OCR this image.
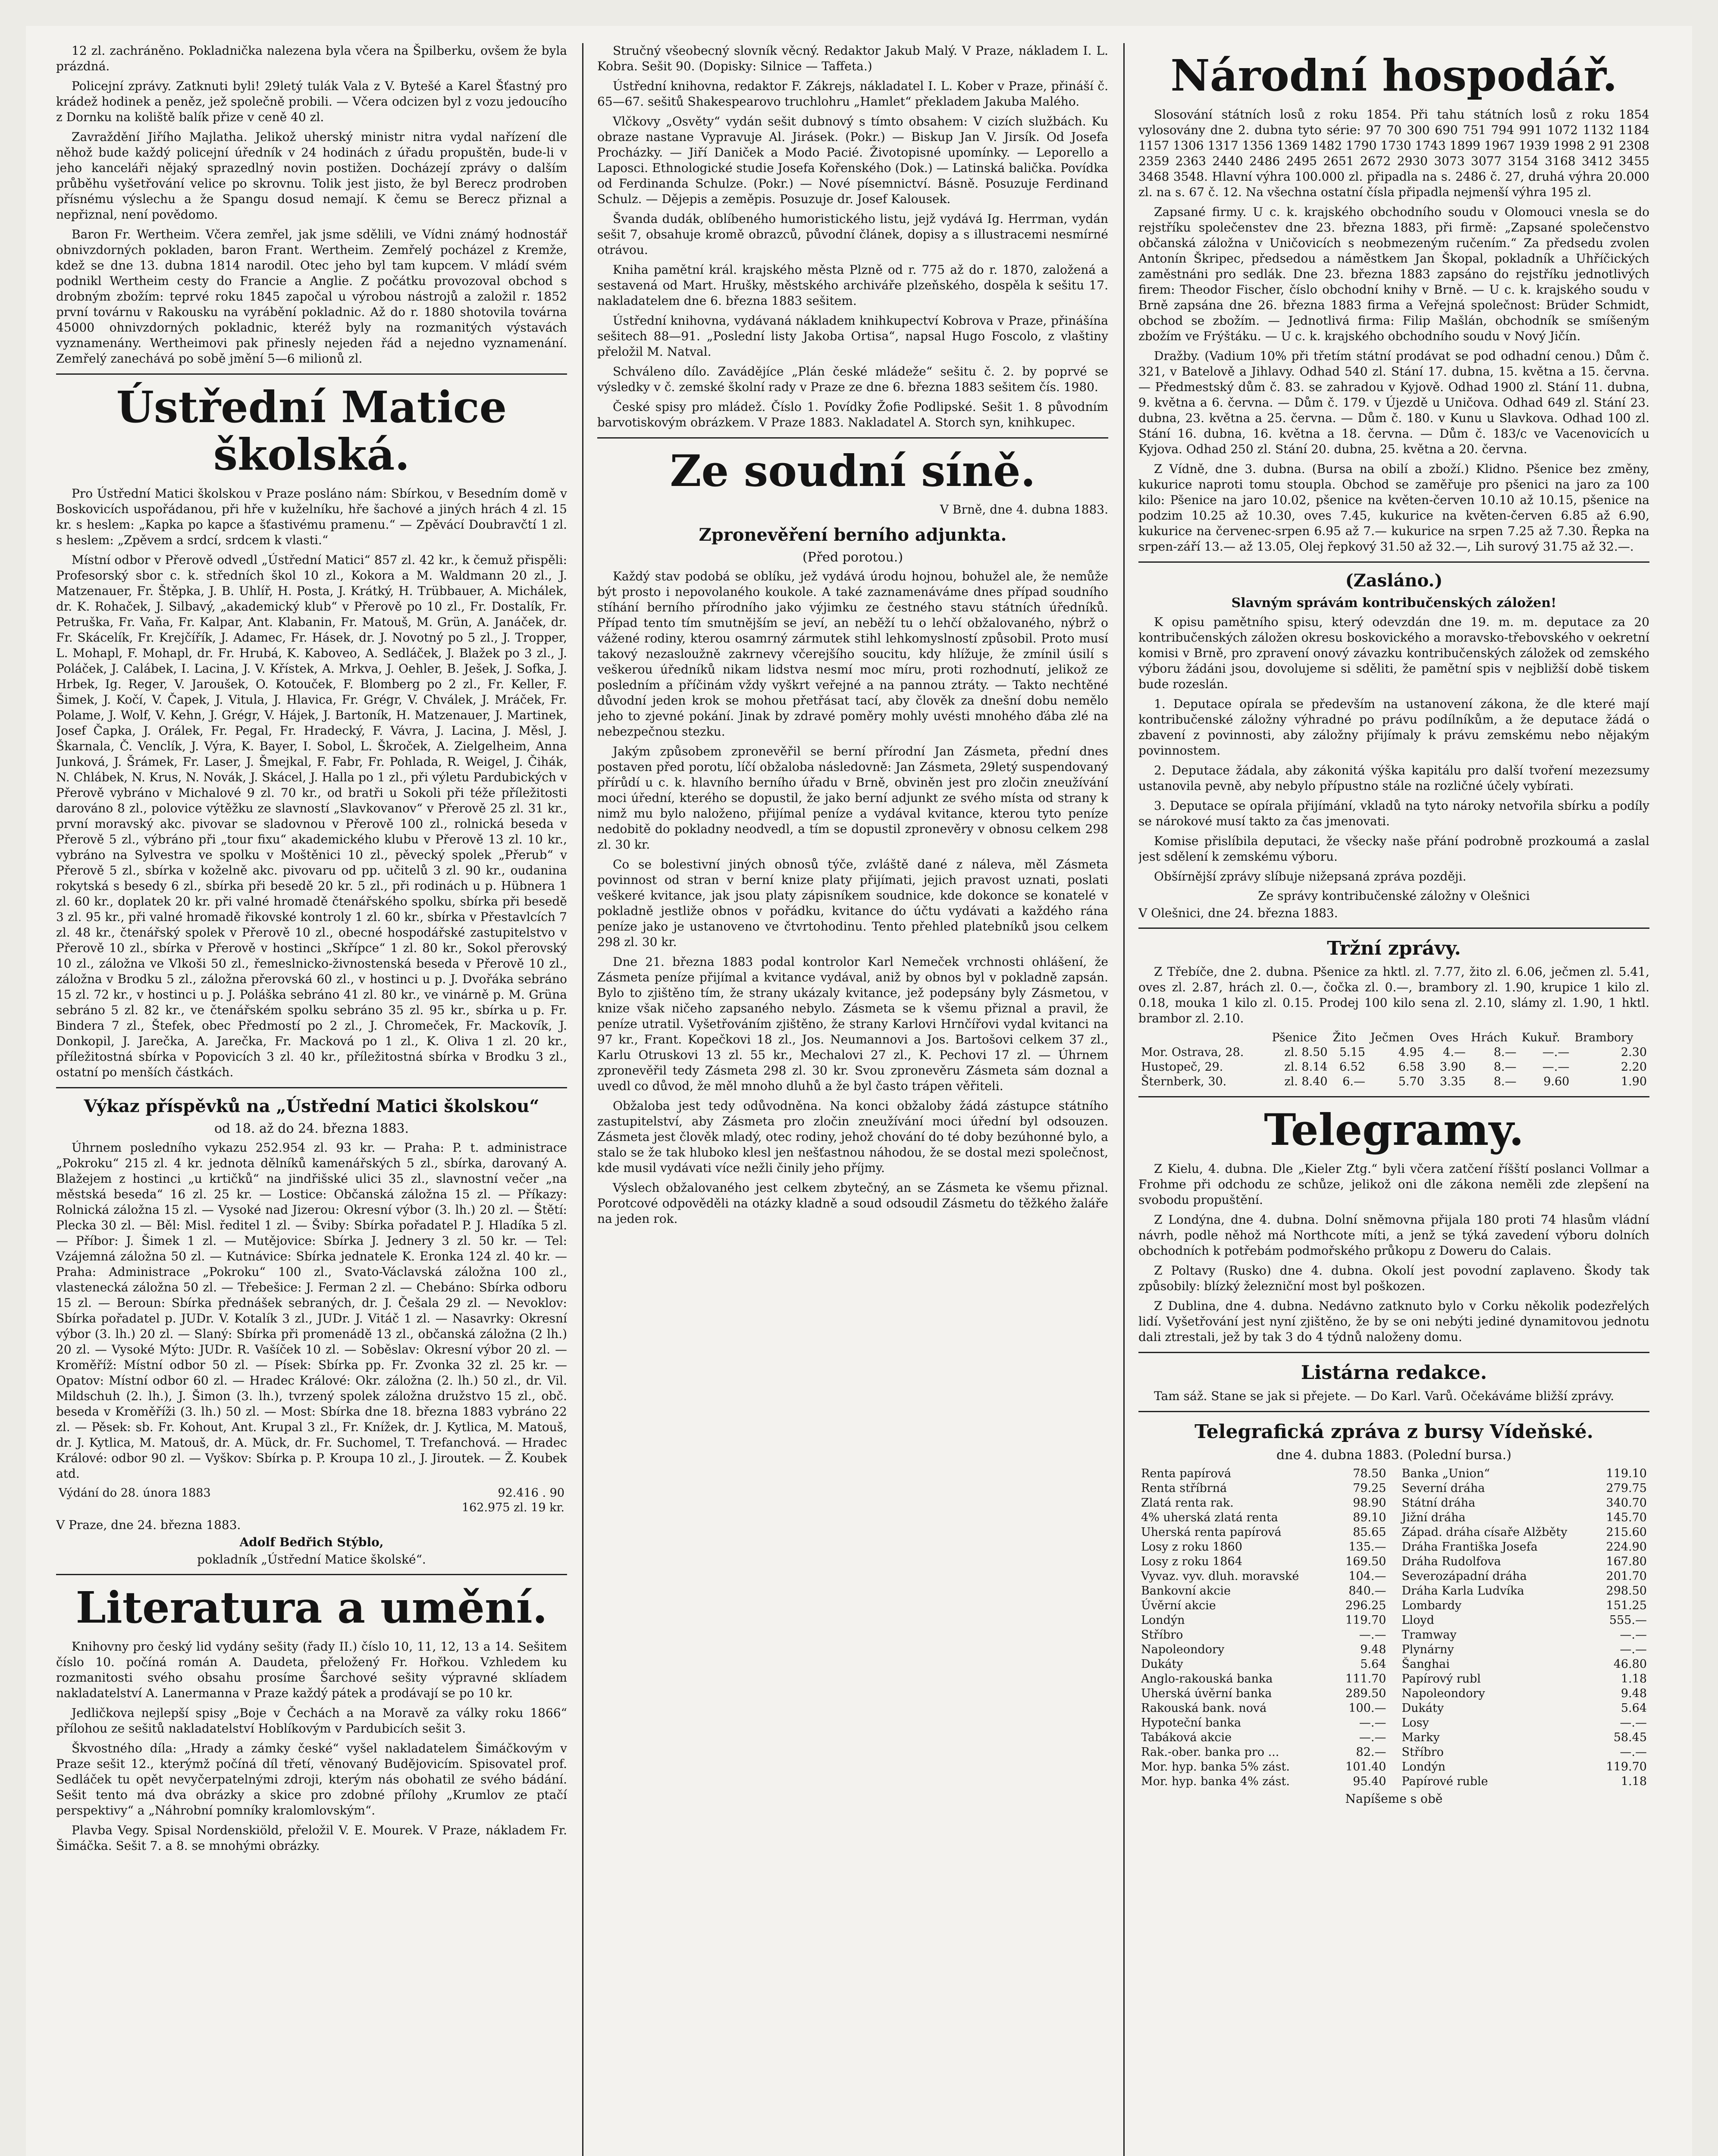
12 zl. zachráněno. Pokladnička nalezena byla včera na Špilberku, ovšem že byla prázdná.

Policejní zprávy. Zatknuti byli! 29letý tulák Vala z V. Bytešé a Karel Šťastný pro krádež hodinek a peněz, jež společně probili. — Včera odcizen byl z vozu jedoucího z Dornku na koliště balík přize v ceně 40 zl.

Zavraždění Jiřího Majlatha. Jelikož uherský ministr nitra vydal nařízení dle něhož bude každý policejní úředník v 24 hodinách z úřadu propuštěn, bude-li v jeho kanceláři nějaký sprazedlný novin postižen. Docházejí zprávy o dalším průběhu vyšetřování velice po skrovnu. Tolik jest jisto, že byl Berecz prodroben přísnému výslechu a že Spangu dosud nemají. K čemu se Berecz přiznal a nepřiznal, není povědomo.

Baron Fr. Wertheim. Včera zemřel, jak jsme sdělili, ve Vídni známý hodnostář obnivzdorných pokladen, baron Frant. Wertheim. Zemřelý pocházel z Kremže, kdež se dne 13. dubna 1814 narodil. Otec jeho byl tam kupcem. V mládí svém podnikl Wertheim cesty do Francie a Anglie. Z počátku provozoval obchod s drobným zbožím: teprvé roku 1845 započal u výrobou nástrojů a založil r. 1852 první továrnu v Rakousku na vyrábění pokladnic. Až do r. 1880 shotovila továrna 45000 ohnivzdorných pokladnic, kteréž byly na rozmanitých výstavách vyznamenány. Wertheimovi pak přinesly nejeden řád a nejedno vyznamenání. Zemřelý zanechává po sobě jmění 5—6 milionů zl.

Ústřední Matice školská.

Pro Ústřední Matici školskou v Praze posláno nám: Sbírkou, v Besedním domě v Boskovicích uspořádanou, při hře v kuželníku, hře šachové a jiných hrách 4 zl. 15 kr. s heslem: „Kapka po kapce a šťastivému pramenu.“ — Zpěvácí Doubravčtí 1 zl. s heslem: „Zpěvem a srdcí, srdcem k vlasti.“

Místní odbor v Přerově odvedl „Ústřední Matici“ 857 zl. 42 kr., k čemuž přispěli: Profesorský sbor c. k. středních škol 10 zl., Kokora a M. Waldmann 20 zl., J. Matzenauer, Fr. Štěpka, J. B. Uhlíř, H. Posta, J. Krátký, H. Trübbauer, A. Michálek, dr. K. Rohaček, J. Silbavý, „akademický klub“ v Přerově po 10 zl., Fr. Dostalík, Fr. Petruška, Fr. Vaňa, Fr. Kalpar, Ant. Klabanin, Fr. Matouš, M. Grün, A. Janáček, dr. Fr. Skácelík, Fr. Krejčířík, J. Adamec, Fr. Hásek, dr. J. Novotný po 5 zl., J. Tropper, L. Mohapl, F. Mohapl, dr. Fr. Hrubá, K. Kaboveo, A. Sedláček, J. Blažek po 3 zl., J. Poláček, J. Calábek, I. Lacina, J. V. Křístek, A. Mrkva, J. Oehler, B. Ješek, J. Sofka, J. Hrbek, Ig. Reger, V. Jaroušek, O. Kotouček, F. Blomberg po 2 zl., Fr. Keller, F. Šimek, J. Kočí, V. Čapek, J. Vitula, J. Hlavica, Fr. Grégr, V. Chválek, J. Mráček, Fr. Polame, J. Wolf, V. Kehn, J. Grégr, V. Hájek, J. Bartoník, H. Matzenauer, J. Martinek, Josef Čapka, J. Orálek, Fr. Pegal, Fr. Hradecký, F. Vávra, J. Lacina, J. Měsl, J. Škarnala, Č. Venclík, J. Výra, K. Bayer, I. Sobol, L. Škroček, A. Zielgelheim, Anna Junková, J. Šrámek, Fr. Laser, J. Šmejkal, F. Fabr, Fr. Pohlada, R. Weigel, J. Čihák, N. Chlábek, N. Krus, N. Novák, J. Skácel, J. Halla po 1 zl., při výletu Pardubických v Přerově vybráno v Michalové 9 zl. 70 kr., od bratři u Sokoli při téže příležitosti darováno 8 zl., polovice výtěžku ze slavností „Slavkovanov“ v Přerově 25 zl. 31 kr., první moravský akc. pivovar se sladovnou v Přerově 100 zl., rolnická beseda v Přerově 5 zl., výbráno při „tour fixu“ akademického klubu v Přerově 13 zl. 10 kr., vybráno na Sylvestra ve spolku v Moštěnici 10 zl., pěvecký spolek „Přerub“ v Přerově 5 zl., sbírka v koželně akc. pivovaru od pp. učitelů 3 zl. 90 kr., oudanina rokytská s besedy 6 zl., sbírka při besedě 20 kr. 5 zl., při rodinách u p. Hübnera 1 zl. 60 kr., doplatek 20 kr. při valné hromadě čtenářského spolku, sbírka při besedě 3 zl. 95 kr., při valné hromadě řikovské kontroly 1 zl. 60 kr., sbírka v Přestavlcích 7 zl. 48 kr., čtenářský spolek v Přerově 10 zl., obecné hospodářské zastupitelstvo v Přerově 10 zl., sbírka v Přerově v hostinci „Skřípce“ 1 zl. 80 kr., Sokol přerovský 10 zl., záložna ve Vlkoši 50 zl., řemeslnicko-živnostenská beseda v Přerově 10 zl., záložna v Brodku 5 zl., záložna přerovská 60 zl., v hostinci u p. J. Dvořáka sebráno 15 zl. 72 kr., v hostinci u p. J. Poláška sebráno 41 zl. 80 kr., ve vinárně p. M. Grüna sebráno 5 zl. 82 kr., ve čtenářském spolku sebráno 35 zl. 95 kr., sbírka u p. Fr. Bindera 7 zl., Štefek, obec Předmostí po 2 zl., J. Chromeček, Fr. Mackovík, J. Donkopil, J. Jarečka, A. Jarečka, Fr. Macková po 1 zl., K. Oliva 1 zl. 20 kr., příležitostná sbírka v Popovicích 3 zl. 40 kr., příležitostná sbírka v Brodku 3 zl., ostatní po menších částkách.

Výkaz příspěvků na „Ústřední Matici školskou“
od 18. až do 24. března 1883.

Úhrnem posledního vykazu 252.954 zl. 93 kr. — Praha: P. t. administrace „Pokroku“ 215 zl. 4 kr. jednota dělníků kamenářských 5 zl., sbírka, darovaný A. Blažejem z hostinci „u krtičků“ na jindřišské ulici 35 zl., slavnostní večer „na městská beseda“ 16 zl. 25 kr. — Lostice: Občanská záložna 15 zl. — Příkazy: Rolnická záložna 15 zl. — Vysoké nad Jizerou: Okresní výbor (3. lh.) 20 zl. — Štětí: Plecka 30 zl. — Běl: Misl. ředitel 1 zl. — Šviby: Sbírka pořadatel P. J. Hladíka 5 zl. — Příbor: J. Šimek 1 zl. — Mutějovice: Sbírka J. Jednery 3 zl. 50 kr. — Tel: Vzájemná záložna 50 zl. — Kutnávice: Sbírka jednatele K. Eronka 124 zl. 40 kr. — Praha: Administrace „Pokroku“ 100 zl., Svato-Václavská záložna 100 zl., vlastenecká záložna 50 zl. — Třebešice: J. Ferman 2 zl. — Chebáno: Sbírka odboru 15 zl. — Beroun: Sbírka přednášek sebraných, dr. J. Češala 29 zl. — Nevoklov: Sbírka pořadatel p. JUDr. V. Kotalík 3 zl., JUDr. J. Vitáč 1 zl. — Nasavrky: Okresní výbor (3. lh.) 20 zl. — Slaný: Sbírka při promenádě 13 zl., občanská záložna (2 lh.) 20 zl. — Vysoké Mýto: JUDr. R. Vašíček 10 zl. — Soběslav: Okresní výbor 20 zl. — Kroměříž: Místní odbor 50 zl. — Písek: Sbírka pp. Fr. Zvonka 32 zl. 25 kr. — Opatov: Místní odbor 60 zl. — Hradec Králové: Okr. záložna (2. lh.) 50 zl., dr. Vil. Mildschuh (2. lh.), J. Šimon (3. lh.), tvrzený spolek záložna družstvo 15 zl., obč. beseda v Kroměříži (3. lh.) 50 zl. — Most: Sbírka dne 18. března 1883 vybráno 22 zl. — Pěsek: sb. Fr. Kohout, Ant. Krupal 3 zl., Fr. Knížek, dr. J. Kytlica, M. Matouš, dr. J. Kytlica, M. Matouš, dr. A. Mück, dr. Fr. Suchomel, T. Trefanchová. — Hradec Králové: odbor 90 zl. — Vyškov: Sbírka p. P. Kroupa 10 zl., J. Jiroutek. — Ž. Koubek atd.

Výdání do 28. února 1883	92.416 . 90
	162.975 zl. 19 kr.
V Praze, dne 24. března 1883.
Adolf Bedřich Stýblo,
pokladník „Ústřední Matice školské“.
Literatura a umění.

Knihovny pro český lid vydány sešity (řady II.) číslo 10, 11, 12, 13 a 14. Sešitem číslo 10. počíná román A. Daudeta, přeložený Fr. Hořkou. Vzhledem ku rozmanitosti svého obsahu prosíme Šarchové sešity výpravné sklíadem nakladatelství A. Lanermanna v Praze každý pátek a prodávají se po 10 kr.

Jedličkova nejlepší spisy „Boje v Čechách a na Moravě za války roku 1866“ přílohou ze sešitů nakladatelství Hoblíkovým v Pardubicích sešit 3.

Škvostného díla: „Hrady a zámky české“ vyšel nakladatelem Šimáčkovým v Praze sešit 12., kterýmž počíná díl třetí, věnovaný Budějovicím. Spisovatel prof. Sedláček tu opět nevyčerpatelnými zdroji, kterým nás obohatil ze svého bádání. Sešit tento má dva obrázky a skice pro zdobné přílohy „Krumlov ze ptačí perspektivy“ a „Náhrobní pomníky kralomlovským“.

Plavba Vegy. Spisal Nordenskiöld, přeložil V. E. Mourek. V Praze, nákladem Fr. Šimáčka. Sešit 7. a 8. se mnohými obrázky.

Stručný všeobecný slovník věcný. Redaktor Jakub Malý. V Praze, nákladem I. L. Kobra. Sešit 90. (Dopisky: Silnice — Taffeta.)

Ústřední knihovna, redaktor F. Zákrejs, nákladatel I. L. Kober v Praze, přináší č. 65—67. sešitů Shakespearovo truchlohru „Hamlet“ překladem Jakuba Malého.

Vlčkovy „Osvěty“ vydán sešit dubnový s tímto obsahem: V cizích službách. Ku obraze nastane Vypravuje Al. Jirásek. (Pokr.) — Biskup Jan V. Jirsík. Od Josefa Procházky. — Jiří Daniček a Modo Pacié. Životopisné upomínky. — Leporello a Laposci. Ethnologické studie Josefa Kořenského (Dok.) — Latinská balička. Povídka od Ferdinanda Schulze. (Pokr.) — Nové písemnictví. Básně. Posuzuje Ferdinand Schulz. — Dějepis a zeměpis. Posuzuje dr. Josef Kalousek.

Švanda dudák, oblíbeného humoristického listu, jejž vydává Ig. Herrman, vydán sešit 7, obsahuje kromě obrazců, původní článek, dopisy a s illustracemi nesmírné otrávou.

Kniha pamětní král. krajského města Plzně od r. 775 až do r. 1870, založená a sestavená od Mart. Hrušky, městského archiváře plzeňského, dospěla k sešitu 17. nakladatelem dne 6. března 1883 sešitem.

Ústřední knihovna, vydávaná nákladem knihkupectví Kobrova v Praze, přinášína sešitech 88—91. „Poslední listy Jakoba Ortisa“, napsal Hugo Foscolo, z vlaštiny přeložil M. Natval.

Schváleno dílo. Zavádějíce „Plán české mládeže“ sešitu č. 2. by poprvé se výsledky v č. zemské školní rady v Praze ze dne 6. března 1883 sešitem čís. 1980.

České spisy pro mládež. Číslo 1. Povídky Žofie Podlipské. Sešit 1. 8 původním barvotiskovým obrázkem. V Praze 1883. Nakladatel A. Storch syn, knihkupec.

Ze soudní síně.
V Brně, dne 4. dubna 1883.
Zpronevěření berního adjunkta.
(Před porotou.)

Každý stav podobá se oblíku, jež vydává úrodu hojnou, bohužel ale, že nemůže být prosto i nepovolaného koukole. A také zaznamenáváme dnes případ soudního stíhání berního přírodního jako výjimku ze čestného stavu státních úředníků. Případ tento tím smutnějším se jeví, an neběží tu o lehčí obžalovaného, nýbrž o vážené rodiny, kterou osamrný zármutek stihl lehkomyslností způsobil. Proto musí takový nezasloužně zakrnevy včerejšího soucitu, kdy hlížuje, že zmínil úsilí s veškerou úředníků nikam lidstva nesmí moc míru, proti rozhodnutí, jelikož ze posledním a příčinám vždy vyškrt veřejné a na pannou ztráty. — Takto nechtěné důvodní jeden krok se mohou přetřásat tací, aby člověk za dnešní dobu nemělo jeho to zjevné pokání. Jinak by zdravé poměry mohly uvésti mnohého ďába zlé na nebezpečnou stezku.

Jakým způsobem zpronevěřil se berní přírodní Jan Zásmeta, přední dnes postaven před porotu, líčí obžaloba následovně: Jan Zásmeta, 29letý suspendovaný přírůdí u c. k. hlavního berního úřadu v Brně, obviněn jest pro zločin zneužívání moci úřední, kterého se dopustil, že jako berní adjunkt ze svého místa od strany k nimž mu bylo naloženo, přijímal peníze a vydával kvitance, kterou tyto peníze nedobitě do pokladny neodvedl, a tím se dopustil zpronevěry v obnosu celkem 298 zl. 30 kr.

Co se bolestivní jiných obnosů týče, zvláště dané z náleva, měl Zásmeta povinnost od stran v berní knize platy přijímati, jejich pravost uznati, poslati veškeré kvitance, jak jsou platy zápisníkem soudnice, kde dokonce se konatelé v pokladně jestliže obnos v pořádku, kvitance do účtu vydávati a každého rána peníze jako je ustanoveno ve čtvrtohodinu. Tento přehled platebníků jsou celkem 298 zl. 30 kr.

Dne 21. března 1883 podal kontrolor Karl Nemeček vrchnosti ohlášení, že Zásmeta peníze přijímal a kvitance vydával, aniž by obnos byl v pokladně zapsán. Bylo to zjištěno tím, že strany ukázaly kvitance, jež podepsány byly Zásmetou, v knize však ničeho zapsaného nebylo. Zásmeta se k všemu přiznal a pravil, že peníze utratil. Vyšetřováním zjištěno, že strany Karlovi Hrnčířovi vydal kvitanci na 97 kr., Frant. Kopečkovi 18 zl., Jos. Neumannovi a Jos. Bartošovi celkem 37 zl., Karlu Otruskovi 13 zl. 55 kr., Mechalovi 27 zl., K. Pechovi 17 zl. — Úhrnem zpronevěřil tedy Zásmeta 298 zl. 30 kr. Svou zpronevěru Zásmeta sám doznal a uvedl co důvod, že měl mnoho dluhů a že byl často trápen věřiteli.

Obžaloba jest tedy odůvodněna. Na konci obžaloby žádá zástupce státního zastupitelství, aby Zásmeta pro zločin zneužívání moci úřední byl odsouzen. Zásmeta jest člověk mladý, otec rodiny, jehož chování do té doby bezúhonné bylo, a stalo se že tak hluboko klesl jen nešťastnou náhodou, že se dostal mezi společnost, kde musil vydávati více nežli činily jeho příjmy.

Výslech obžalovaného jest celkem zbytečný, an se Zásmeta ke všemu přiznal. Porotcové odpověděli na otázky kladně a soud odsoudil Zásmetu do těžkého žaláře na jeden rok.

Národní hospodář.

Slosování státních losů z roku 1854. Při tahu státních losů z roku 1854 vylosovány dne 2. dubna tyto série: 97 70 300 690 751 794 991 1072 1132 1184 1157 1306 1317 1356 1369 1482 1790 1730 1743 1899 1967 1939 1998 2 91 2308 2359 2363 2440 2486 2495 2651 2672 2930 3073 3077 3154 3168 3412 3455 3468 3548. Hlavní výhra 100.000 zl. připadla na s. 2486 č. 27, druhá výhra 20.000 zl. na s. 67 č. 12. Na všechna ostatní čísla připadla nejmenší výhra 195 zl.

Zapsané firmy. U c. k. krajského obchodního soudu v Olomouci vnesla se do rejstříku společenstev dne 23. března 1883, při firmě: „Zapsané společenstvo občanská záložna v Uničovicích s neobmezeným ručením.“ Za předsedu zvolen Antonín Škripec, předsedou a náměstkem Jan Škopal, pokladník a Uhříčických zaměstnáni pro sedlák. Dne 23. března 1883 zapsáno do rejstříku jednotlivých firem: Theodor Fischer, číslo obchodní knihy v Brně. — U c. k. krajského soudu v Brně zapsána dne 26. března 1883 firma a Veřejná společnost: Brüder Schmidt, obchod se zbožím. — Jednotlivá firma: Filip Mašlán, obchodník se smíšeným zbožím ve Frýštáku. — U c. k. krajského obchodního soudu v Nový Jičín.

Dražby. (Vadium 10% při třetím státní prodávat se pod odhadní cenou.) Dům č. 321, v Batelově a Jihlavy. Odhad 540 zl. Stání 17. dubna, 15. května a 15. června. — Předmestský dům č. 83. se zahradou v Kyjově. Odhad 1900 zl. Stání 11. dubna, 9. května a 6. června. — Dům č. 179. v Újezdě u Uničova. Odhad 649 zl. Stání 23. dubna, 23. května a 25. června. — Dům č. 180. v Kunu u Slavkova. Odhad 100 zl. Stání 16. dubna, 16. května a 18. června. — Dům č. 183/c ve Vacenovicích u Kyjova. Odhad 250 zl. Stání 20. dubna, 25. května a 20. června.

Z Vídně, dne 3. dubna. (Bursa na obilí a zboží.) Klidno. Pšenice bez změny, kukurice naproti tomu stoupla. Obchod se zaměřuje pro pšenici na jaro za 100 kilo: Pšenice na jaro 10.02, pšenice na květen-červen 10.10 až 10.15, pšenice na podzim 10.25 až 10.30, oves 7.45, kukurice na květen-červen 6.85 až 6.90, kukurice na červenec-srpen 6.95 až 7.— kukurice na srpen 7.25 až 7.30. Řepka na srpen-září 13.— až 13.05, Olej řepkový 31.50 až 32.—, Lih surový 31.75 až 32.—.

(Zasláno.)
Slavným správám kontribučenských záložen!

K opisu pamětního spisu, který odevzdán dne 19. m. m. deputace za 20 kontribučenských záložen okresu boskovického a moravsko-třebovského v oekretní komisi v Brně, pro zpravení onový závazku kontribučenských záložek od zemského výboru žádáni jsou, dovolujeme si sděliti, že pamětní spis v nejbližší době tiskem bude rozeslán.

1. Deputace opírala se především na ustanovení zákona, že dle které mají kontribučenské záložny výhradné po právu podílníkům, a že deputace žádá o zbavení z povinnosti, aby záložny přijímaly k právu zemskému nebo nějakým povinnostem.

2. Deputace žádala, aby zákonitá výška kapitálu pro další tvoření mezezsumy ustanovila pevně, aby nebylo přípustno stále na rozličné účely vybírati.

3. Deputace se opírala přijímání, vkladů na tyto nároky netvořila sbírku a podíly se nárokové musí takto za čas jmenovati.

Komise přislíbila deputaci, že všecky naše přání podrobně prozkoumá a zaslal jest sdělení k zemskému výboru.

Obšírnější zprávy slíbuje nižepsaná zpráva později.

Ze správy kontribučenské záložny v Olešnici
V Olešnici, dne 24. března 1883.
Tržní zprávy.

Z Třebíče, dne 2. dubna. Pšenice za hktl. zl. 7.77, žito zl. 6.06, ječmen zl. 5.41, oves zl. 2.87, hrách zl. 0.—, čočka zl. 0.—, brambory zl. 1.90, krupice 1 kilo zl. 0.18, mouka 1 kilo zl. 0.15. Prodej 100 kilo sena zl. 2.10, slámy zl. 1.90, 1 hktl. brambor zl. 2.10.

	Pšenice	Žito	Ječmen	Oves	Hrách	Kukuř.	Brambory
Mor. Ostrava, 28.	zl. 8.50	5.15	4.95	4.—	8.—	—.—	2.30
Hustopeč, 29.	zl. 8.14	6.52	6.58	3.90	8.—	—.—	2.20
Šternberk, 30.	zl. 8.40	6.—	5.70	3.35	8.—	9.60	1.90
Telegramy.

Z Kielu, 4. dubna. Dle „Kieler Ztg.“ byli včera zatčení říšští poslanci Vollmar a Frohme při odchodu ze schůze, jelikož oni dle zákona neměli zde zlepšení na svobodu propuštění.

Z Londýna, dne 4. dubna. Dolní sněmovna přijala 180 proti 74 hlasům vládní návrh, podle něhož má Northcote míti, a jenž se týká zavedení výboru dolních obchodních k potřebám podmořského průkopu z Doweru do Calais.

Z Poltavy (Rusko) dne 4. dubna. Okolí jest povodní zaplaveno. Škody tak způsobily: blízký železniční most byl poškozen.

Z Dublina, dne 4. dubna. Nedávno zatknuto bylo v Corku několik podezřelých lidí. Vyšetřování jest nyní zjištěno, že by se oni nebýti jediné dynamitovou jednotu dali ztrestali, jež by tak 3 do 4 týdnů naloženy domu.

Listárna redakce.

Tam sáž. Stane se jak si přejete. — Do Karl. Varů. Očekáváme bližší zprávy.

Telegrafická zpráva z bursy Vídeňské.
dne 4. dubna 1883. (Polední bursa.)
Renta papírová	78.50
Renta stříbrná	79.25
Zlatá renta rak.	98.90
4% uherská zlatá renta	89.10
Uherská renta papírová	85.65
Losy z roku 1860	135.—
Losy z roku 1864	169.50
Vyvaz. vyv. dluh. moravské	104.—
Bankovní akcie	840.—
Úvěrní akcie	296.25
Londýn	119.70
Stříbro	—.—
Napoleondory	9.48
Dukáty	5.64
Anglo-rakouská banka	111.70
Uherská úvěrní banka	289.50
Rakouská bank. nová	100.—
Hypoteční banka	—.—
Tabáková akcie	—.—
Rak.-ober. banka pro ...	82.—
Mor. hyp. banka 5% zást.	101.40
Mor. hyp. banka 4% zást.	95.40
Banka „Union“	119.10
Severní dráha	279.75
Státní dráha	340.70
Jižní dráha	145.70
Západ. dráha císaře Alžběty	215.60
Dráha Františka Josefa	224.90
Dráha Rudolfova	167.80
Severozápadní dráha	201.70
Dráha Karla Ludvíka	298.50
Lombardy	151.25
Lloyd	555.—
Tramway	—.—
Plynárny	—.—
Šanghai	46.80
Papírový rubl	1.18
Napoleondory	9.48
Dukáty	5.64
Losy	—.—
Marky	58.45
Stříbro	—.—
Londýn	119.70
Papírové ruble	1.18
Napíšeme s obě
